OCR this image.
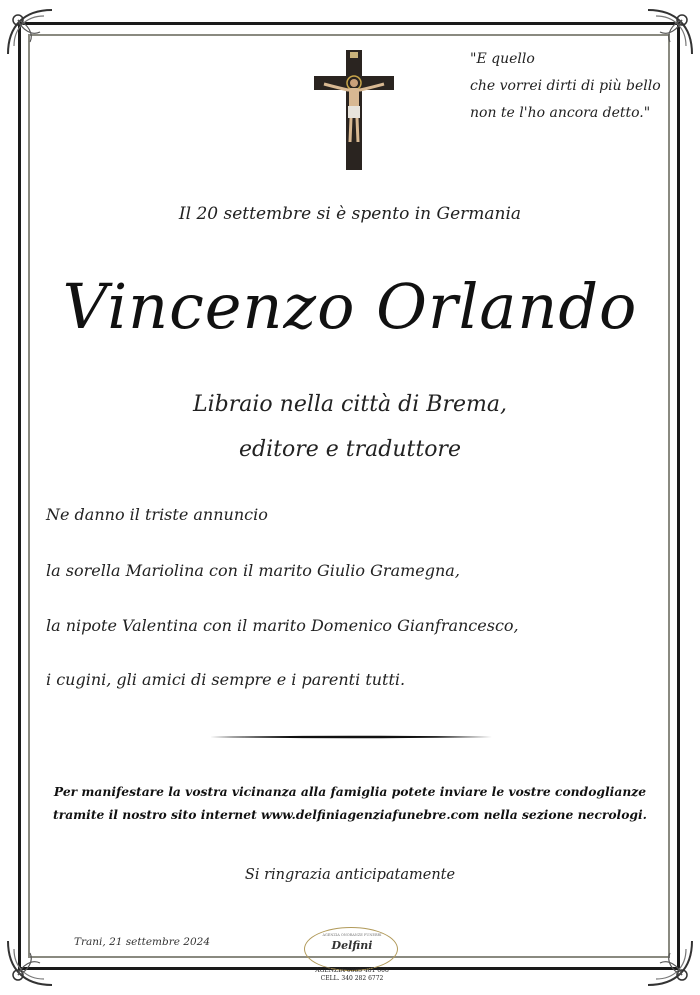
"E quello
che vorrei dirti di più bello
non te l'ho ancora detto."
Il 20 settembre si è spento in Germania
Vincenzo Orlando
Libraio nella città di Brema,
editore e traduttore
Ne danno il triste annuncio
la sorella Mariolina con il marito Giulio Gramegna,
la nipote Valentina con il marito Domenico Gianfrancesco,
i cugini, gli amici di sempre e i parenti tutti.
Per manifestare la vostra vicinanza alla famiglia potete inviare le vostre condoglianze
tramite il nostro sito internet www.delfiniagenziafunebre.com nella sezione necrologi.
Si ringrazia anticipatamente
Trani, 21 settembre 2024
AGENZIA ONORANZE FUNEBRI
Delfini
AGENZIA 0883 481 608
CELL. 340 282 6772
